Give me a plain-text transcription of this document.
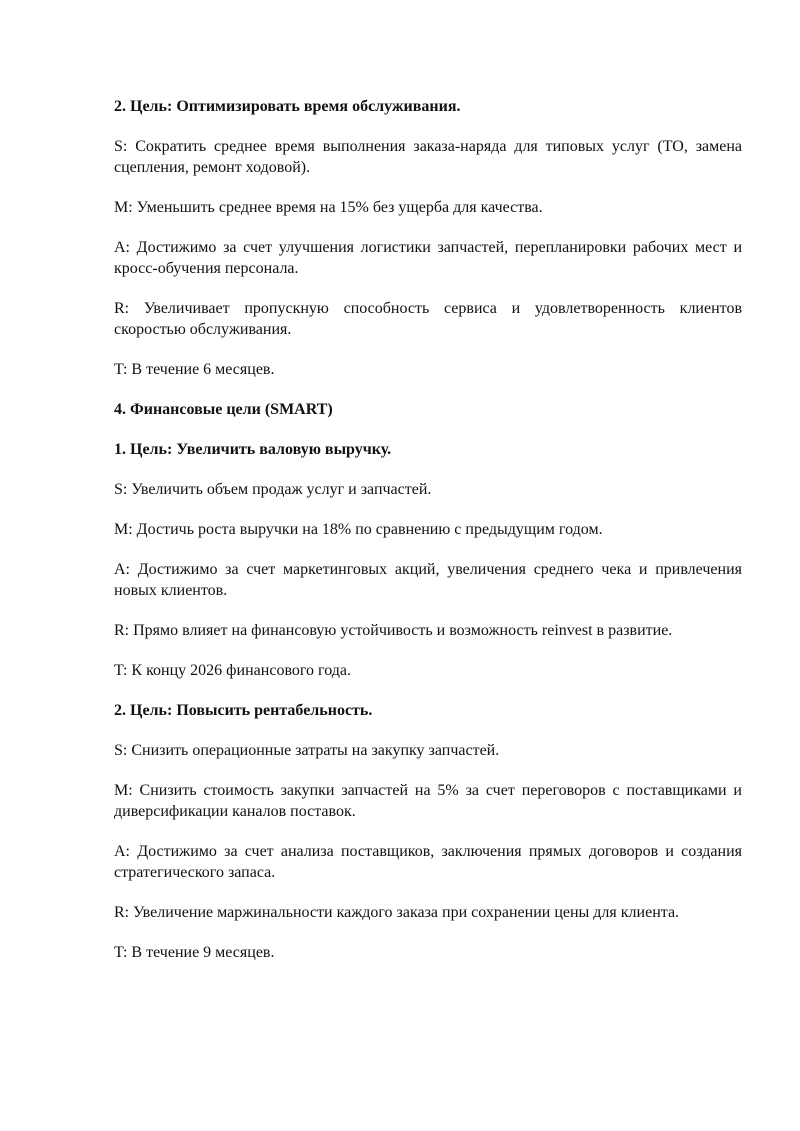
2. Цель: Оптимизировать время обслуживания.

S: Сократить среднее время выполнения заказа-наряда для типовых услуг (ТО, замена сцепления, ремонт ходовой).

M: Уменьшить среднее время на 15% без ущерба для качества.

A: Достижимо за счет улучшения логистики запчастей, перепланировки рабочих мест и кросс-обучения персонала.

R: Увеличивает пропускную способность сервиса и удовлетворенность клиентов скоростью обслуживания.

T: В течение 6 месяцев.

4. Финансовые цели (SMART)

1. Цель: Увеличить валовую выручку.

S: Увеличить объем продаж услуг и запчастей.

M: Достичь роста выручки на 18% по сравнению с предыдущим годом.

A: Достижимо за счет маркетинговых акций, увеличения среднего чека и привлечения новых клиентов.

R: Прямо влияет на финансовую устойчивость и возможность reinvest в развитие.

T: К концу 2026 финансового года.

2. Цель: Повысить рентабельность.

S: Снизить операционные затраты на закупку запчастей.

M: Снизить стоимость закупки запчастей на 5% за счет переговоров с поставщиками и диверсификации каналов поставок.

A: Достижимо за счет анализа поставщиков, заключения прямых договоров и создания стратегического запаса.

R: Увеличение маржинальности каждого заказа при сохранении цены для клиента.

T: В течение 9 месяцев.
